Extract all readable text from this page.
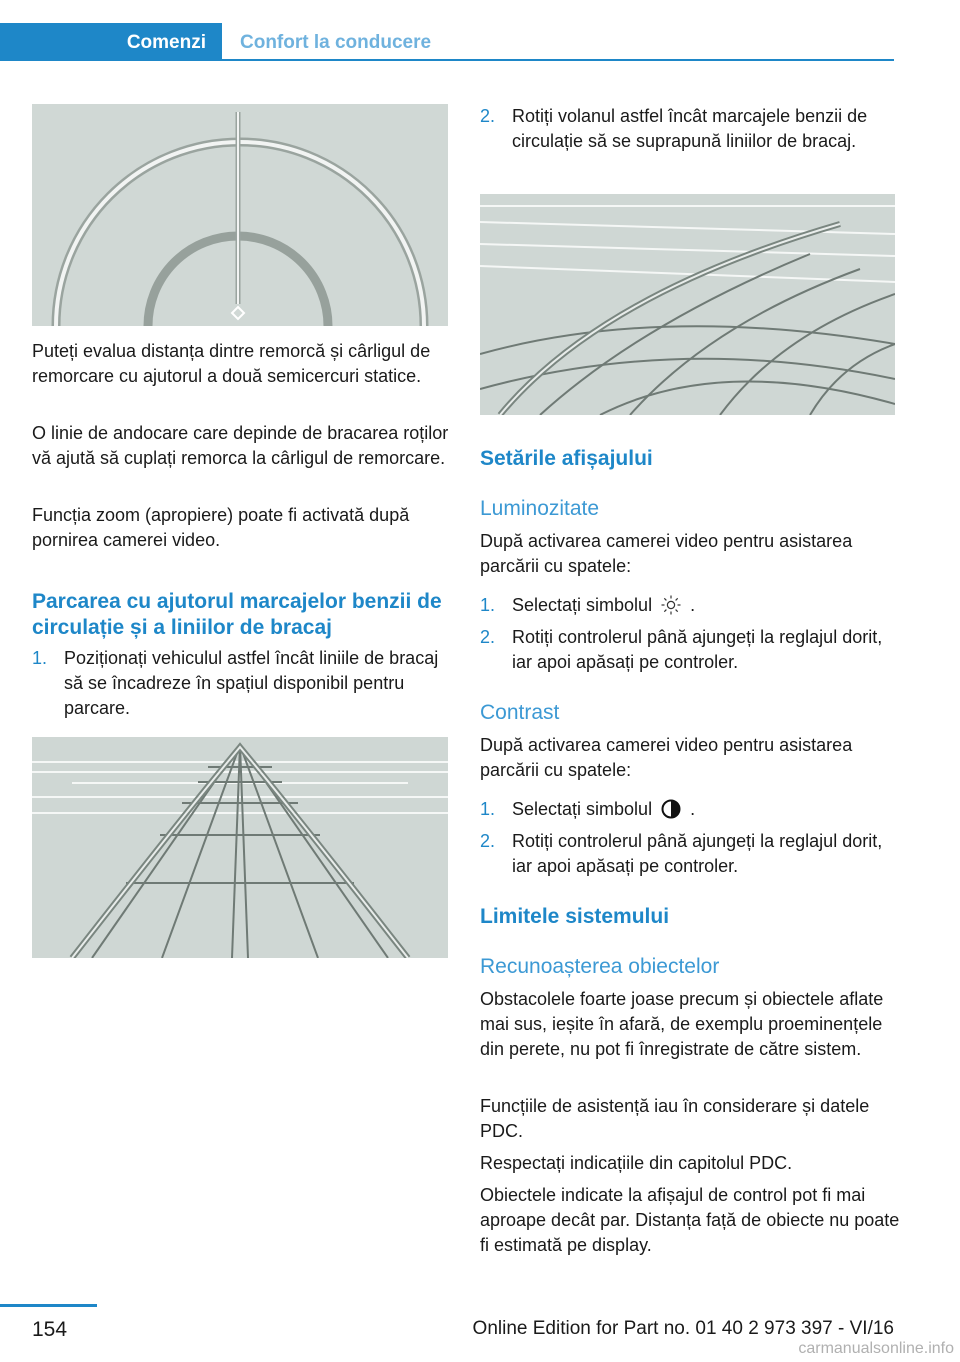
Comenzi	Confort la conducere
Puteți evalua distanța dintre remorcă și cârligul de remorcare cu ajutorul a două semicercuri statice.
O linie de andocare care depinde de bracarea roților vă ajută să cuplați remorca la cârligul de remorcare.
Funcția zoom (apropiere) poate fi activată după pornirea camerei video.
Parcarea cu ajutorul marcajelor benzii de circulație și a liniilor de bracaj
1. Poziționați vehiculul astfel încât liniile de bracaj să se încadreze în spațiul disponibil pentru parcare.
2. Rotiți volanul astfel încât marcajele benzii de circulație să se suprapună liniilor de bracaj.
Setările afișajului
Luminozitate
După activarea camerei video pentru asistarea parcării cu spatele:
1. Selectați simbolul .
2. Rotiți controlerul până ajungeți la reglajul dorit, iar apoi apăsați pe controler.
Contrast
După activarea camerei video pentru asistarea parcării cu spatele:
1. Selectați simbolul .
2. Rotiți controlerul până ajungeți la reglajul dorit, iar apoi apăsați pe controler.
Limitele sistemului
Recunoașterea obiectelor
Obstacolele foarte joase precum și obiectele aflate mai sus, ieșite în afară, de exemplu proeminențele din perete, nu pot fi înregistrate de către sistem.
Funcțiile de asistență iau în considerare și datele PDC.
Respectați indicațiile din capitolul PDC.
Obiectele indicate la afișajul de control pot fi mai aproape decât par. Distanța față de obiecte nu poate fi estimată pe display.
154	Online Edition for Part no. 01 40 2 973 397 - VI/16
carmanualsonline.info
